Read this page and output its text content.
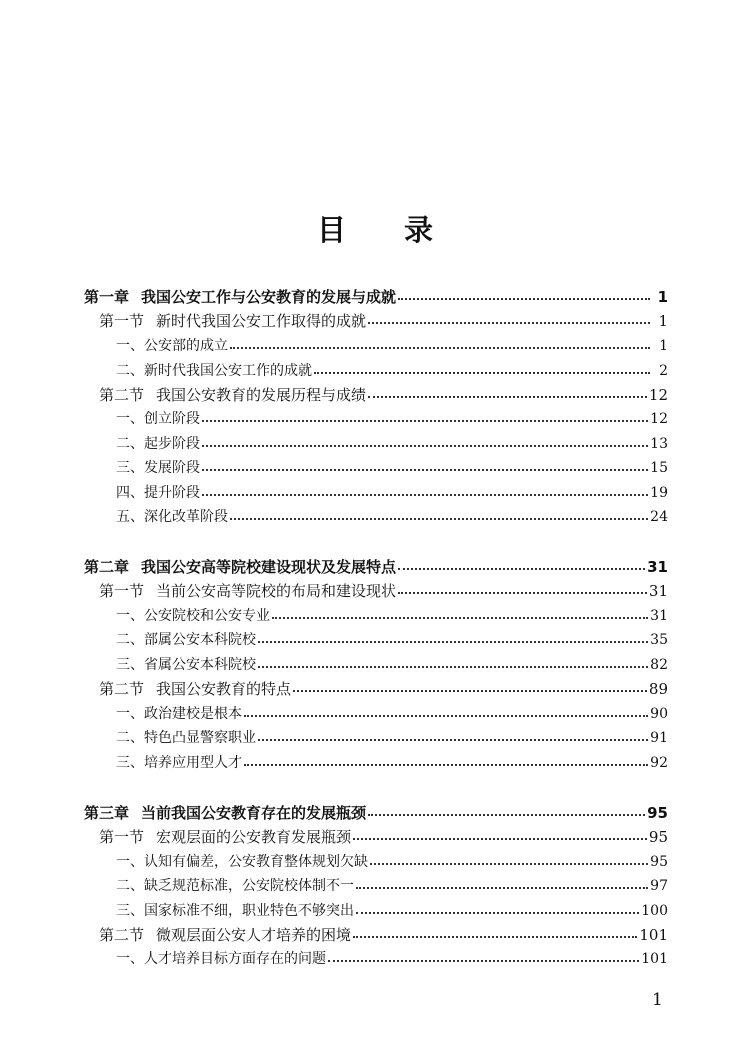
目 录
第一章 我国公安工作与公安教育的发展与成就	1
第一节 新时代我国公安工作取得的成就	1
一、公安部的成立	1
二、新时代我国公安工作的成就	2
第二节 我国公安教育的发展历程与成绩	12
一、创立阶段	12
二、起步阶段	13
三、发展阶段	15
四、提升阶段	19
五、深化改革阶段	24
第二章 我国公安高等院校建设现状及发展特点	31
第一节 当前公安高等院校的布局和建设现状	31
一、公安院校和公安专业	31
二、部属公安本科院校	35
三、省属公安本科院校	82
第二节 我国公安教育的特点	89
一、政治建校是根本	90
二、特色凸显警察职业	91
三、培养应用型人才	92
第三章 当前我国公安教育存在的发展瓶颈	95
第一节 宏观层面的公安教育发展瓶颈	95
一、认知有偏差，公安教育整体规划欠缺	95
二、缺乏规范标准，公安院校体制不一	97
三、国家标准不细，职业特色不够突出	100
第二节 微观层面公安人才培养的困境	101
一、人才培养目标方面存在的问题	101
1
